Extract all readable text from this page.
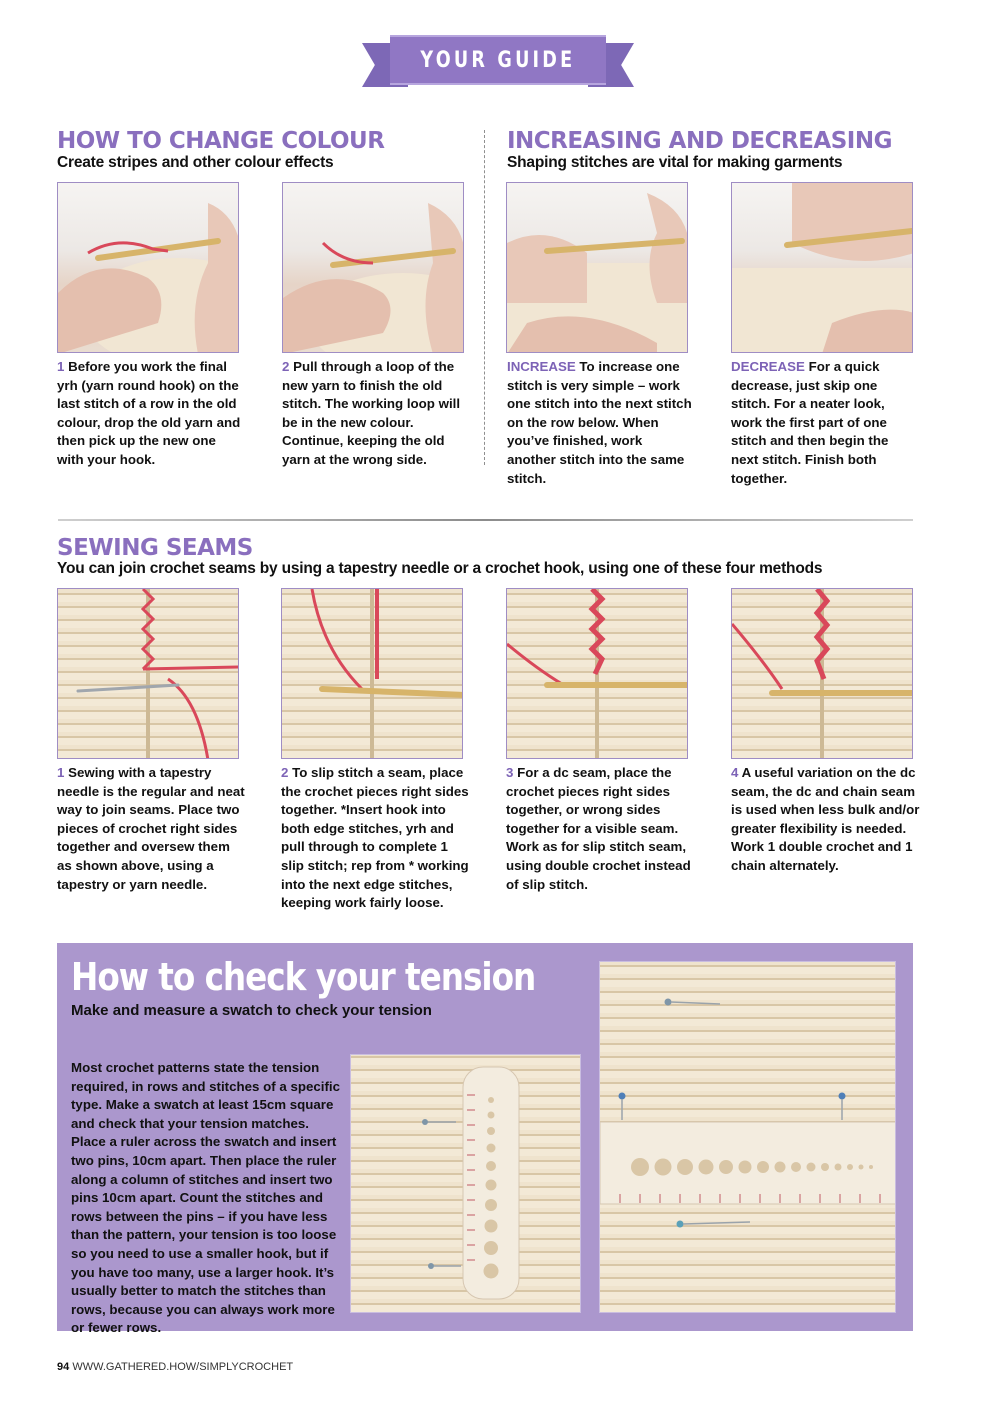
YOUR GUIDE
HOW TO CHANGE COLOUR
Create stripes and other colour effects
1 Before you work the final yrh (yarn round hook) on the last stitch of a row in the old colour, drop the old yarn and then pick up the new one with your hook.
2 Pull through a loop of the new yarn to finish the old stitch. The working loop will be in the new colour. Continue, keeping the old yarn at the wrong side.
INCREASING AND DECREASING
Shaping stitches are vital for making garments
INCREASE To increase one stitch is very simple – work one stitch into the next stitch on the row below. When you’ve finished, work another stitch into the same stitch.
DECREASE For a quick decrease, just skip one stitch. For a neater look, work the first part of one stitch and then begin the next stitch. Finish both together.
SEWING SEAMS
You can join crochet seams by using a tapestry needle or a crochet hook, using one of these four methods
1 Sewing with a tapestry needle is the regular and neat way to join seams. Place two pieces of crochet right sides together and oversew them as shown above, using a tapestry or yarn needle.
2 To slip stitch a seam, place the crochet pieces right sides together. *Insert hook into both edge stitches, yrh and pull through to complete 1 slip stitch; rep from * working into the next edge stitches, keeping work fairly loose.
3 For a dc seam, place the crochet pieces right sides together, or wrong sides together for a visible seam. Work as for slip stitch seam, using double crochet instead of slip stitch.
4 A useful variation on the dc seam, the dc and chain seam is used when less bulk and/or greater flexibility is needed. Work 1 double crochet and 1 chain alternately.
How to check your tension
Make and measure a swatch to check your tension
Most crochet patterns state the tension required, in rows and stitches of a specific type. Make a swatch at least 15cm square and check that your tension matches. Place a ruler across the swatch and insert two pins, 10cm apart. Then place the ruler along a column of stitches and insert two pins 10cm apart. Count the stitches and rows between the pins – if you have less than the pattern, your tension is too loose so you need to use a smaller hook, but if you have too many, use a larger hook. It’s usually better to match the stitches than rows, because you can always work more or fewer rows.
94 WWW.GATHERED.HOW/SIMPLYCROCHET
